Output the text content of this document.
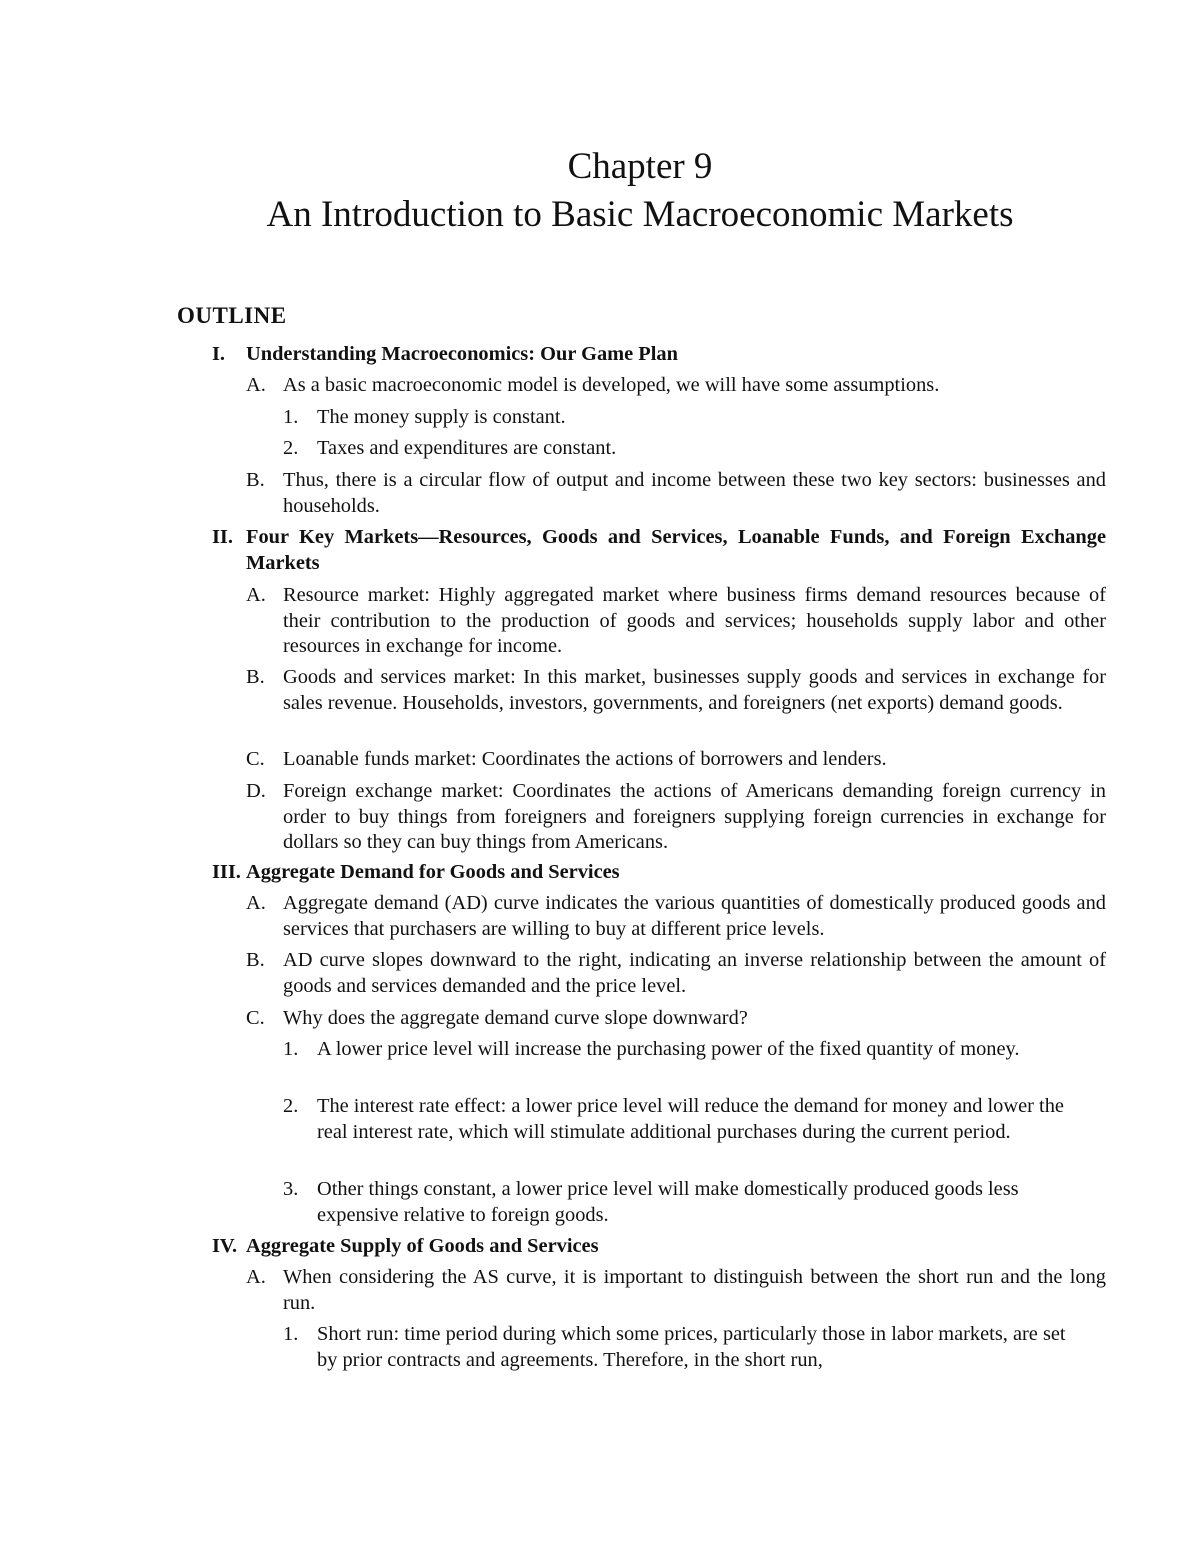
Chapter 9
An Introduction to Basic Macroeconomic Markets
OUTLINE
I. Understanding Macroeconomics: Our Game Plan
A. As a basic macroeconomic model is developed, we will have some assumptions.
1. The money supply is constant.
2. Taxes and expenditures are constant.
B. Thus, there is a circular flow of output and income between these two key sectors: businesses and households.
II. Four Key Markets—Resources, Goods and Services, Loanable Funds, and Foreign Exchange Markets
A. Resource market: Highly aggregated market where business firms demand resources because of their contribution to the production of goods and services; households supply labor and other resources in exchange for income.
B. Goods and services market: In this market, businesses supply goods and services in exchange for sales revenue. Households, investors, governments, and foreigners (net exports) demand goods.
C. Loanable funds market: Coordinates the actions of borrowers and lenders.
D. Foreign exchange market: Coordinates the actions of Americans demanding foreign currency in order to buy things from foreigners and foreigners supplying foreign currencies in exchange for dollars so they can buy things from Americans.
III. Aggregate Demand for Goods and Services
A. Aggregate demand (AD) curve indicates the various quantities of domestically produced goods and services that purchasers are willing to buy at different price levels.
B. AD curve slopes downward to the right, indicating an inverse relationship between the amount of goods and services demanded and the price level.
C. Why does the aggregate demand curve slope downward?
1. A lower price level will increase the purchasing power of the fixed quantity of money.
2. The interest rate effect: a lower price level will reduce the demand for money and lower the real interest rate, which will stimulate additional purchases during the current period.
3. Other things constant, a lower price level will make domestically produced goods less expensive relative to foreign goods.
IV. Aggregate Supply of Goods and Services
A. When considering the AS curve, it is important to distinguish between the short run and the long run.
1. Short run: time period during which some prices, particularly those in labor markets, are set by prior contracts and agreements. Therefore, in the short run,
